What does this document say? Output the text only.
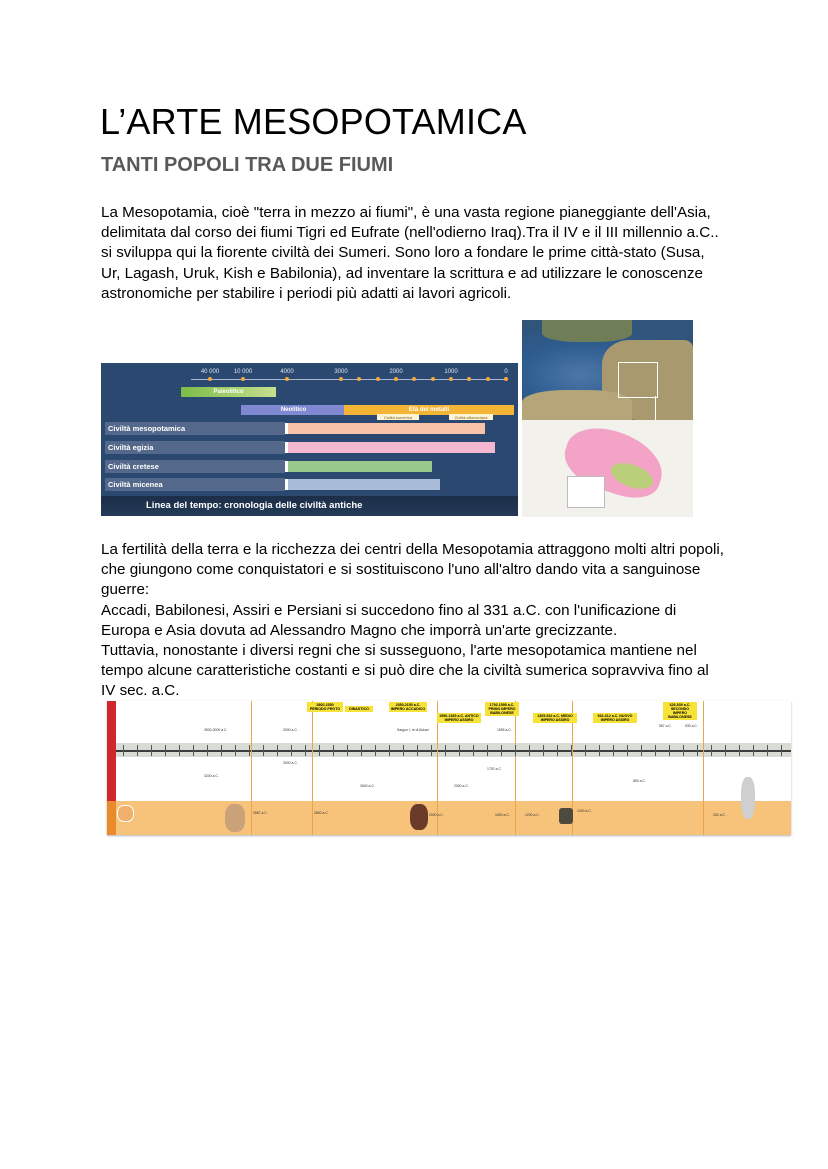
L’ARTE MESOPOTAMICA
TANTI POPOLI TRA DUE FIUMI

La Mesopotamia, cioè "terra in mezzo ai fiumi", è una vasta regione pianeggiante dell'Asia,
delimitata dal corso dei fiumi Tigri ed Eufrate (nell'odierno Iraq).Tra il IV e il III millennio a.C..
si sviluppa qui la fiorente civiltà dei Sumeri. Sono loro a fondare le prime città-stato (Susa,
Ur, Lagash, Uruk, Kish e Babilonia), ad inventare la scrittura e ad utilizzare le conoscenze
astronomiche per stabilire i periodi più adatti ai lavori agricoli.

40 000 10 000	4000	3000	2000	1000	0
Paleolitico
Neolitico	Età dei metalli
Civiltà sumerica	Civiltà villanoviana
Civiltà mesopotamica
Civiltà egizia
Civiltà cretese
Civiltà micenea
Linea del tempo: cronologia delle civiltà antiche

La fertilità della terra e la ricchezza dei centri della Mesopotamia attraggono molti altri popoli,
che giungono come conquistatori e si sostituiscono l'uno all'altro dando vita a sanguinose
guerre:
Accadi, Babilonesi, Assiri e Persiani si succedono fino al 331 a.C. con l'unificazione di
Europa e Asia dovuta ad Alessandro Magno che imporrà un'arte grecizzante.
Tuttavia, nonostante i diversi regni che si susseguono, l'arte mesopotamica mantiene nel
tempo alcune caratteristiche costanti e si può dire che la civiltà sumerica sopravviva fino al
IV sec. a.C.

2800-2350 PERIODO PROTO	DINASTICO
2350-2150 a.C. IMPERO ACCADICO
1950-1365 a.C. ANTICO IMPERO ASSIRO
1792-1595 a.C. PRIMO IMPERO BABILONESE
1365-932 a.C. MEDIO IMPERO ASSIRO
932-612 a.C. NUOVO IMPERO ASSIRO
626-539 a.C. SECONDO IMPERO BABILONESE
3500-3000 a.C.	3000 a.C.	Sargon I, re di Akkad	1595 a.C.
587 a.C.	539 a.C.
3200 a.C.
3000 a.C.
2600 a.C.
1792 a.C.
2000 a.C.
850 a.C.
2587 a.C.	2800 a.C.	2000 a.C.	1600 a.C.	1200 a.C.
1000 a.C.
332 a.C.
